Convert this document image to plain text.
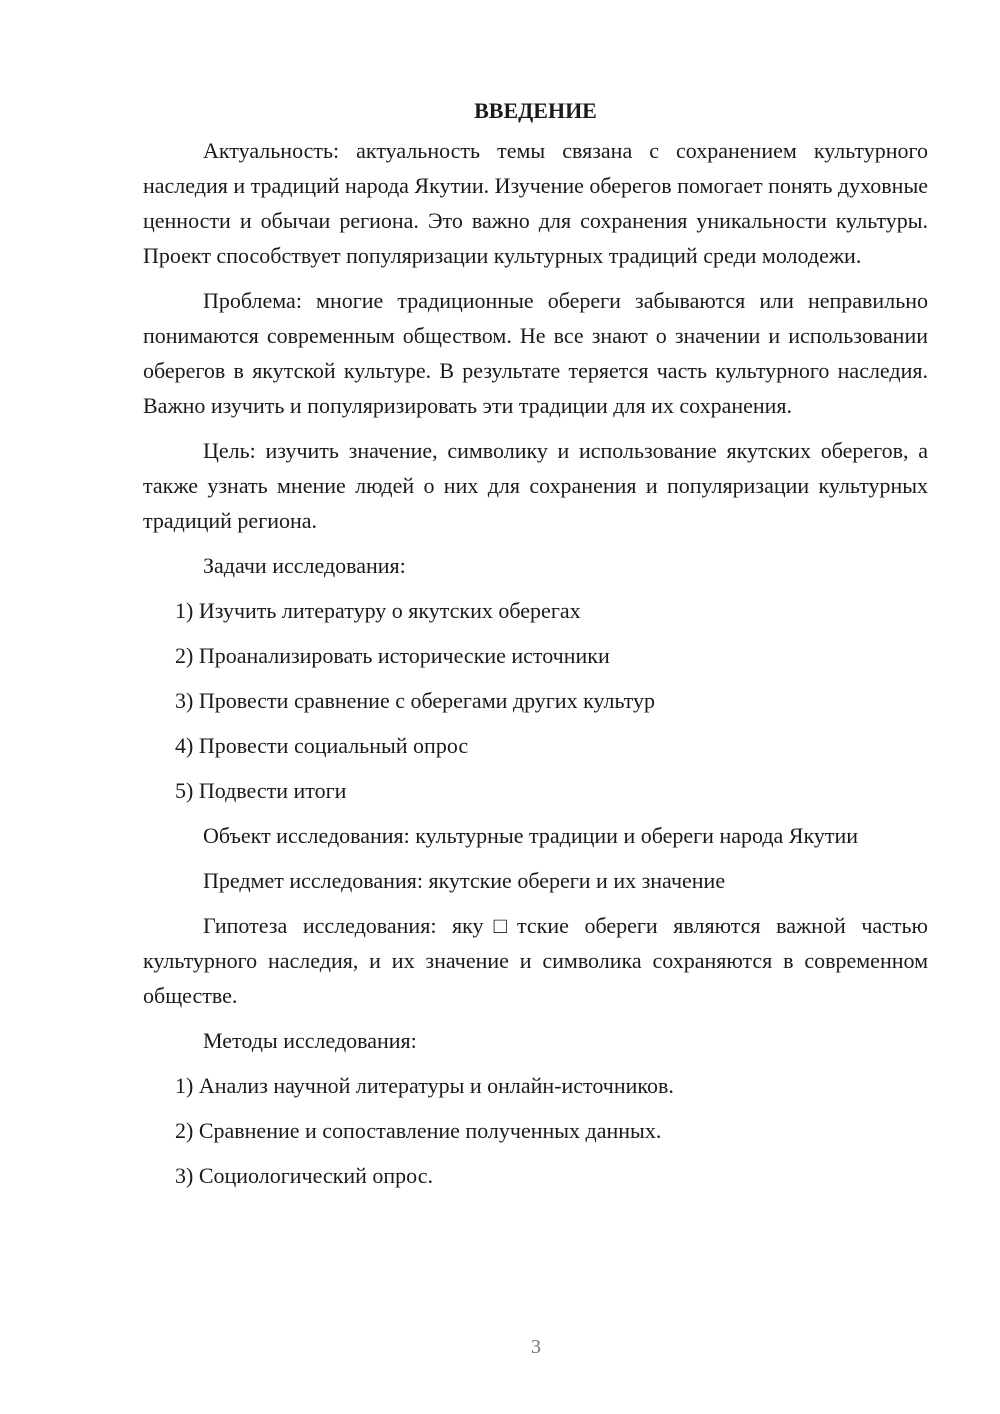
ВВЕДЕНИЕ

Актуальность: актуальность темы связана с сохранением культурного наследия и традиций народа Якутии. Изучение оберегов помогает понять духовные ценности и обычаи региона. Это важно для сохранения уникальности культуры. Проект способствует популяризации культурных традиций среди молодежи.

Проблема: многие традиционные обереги забываются или неправильно понимаются современным обществом. Не все знают о значении и использовании оберегов в якутской культуре. В результате теряется часть культурного наследия. Важно изучить и популяризировать эти традиции для их сохранения.

Цель: изучить значение, символику и использование якутских оберегов, а также узнать мнение людей о них для сохранения и популяризации культурных традиций региона.

Задачи исследования:
1) Изучить литературу о якутских оберегах
2) Проанализировать исторические источники
3) Провести сравнение с оберегами других культур
4) Провести социальный опрос
5) Подвести итоги

Объект исследования: культурные традиции и обереги народа Якутии

Предмет исследования: якутские обереги и их значение

Гипотеза исследования: яку□тские обереги являются важной частью культурного наследия, и их значение и символика сохраняются в современном обществе.

Методы исследования:
1) Анализ научной литературы и онлайн-источников.
2) Сравнение и сопоставление полученных данных.
3) Социологический опрос.
3
